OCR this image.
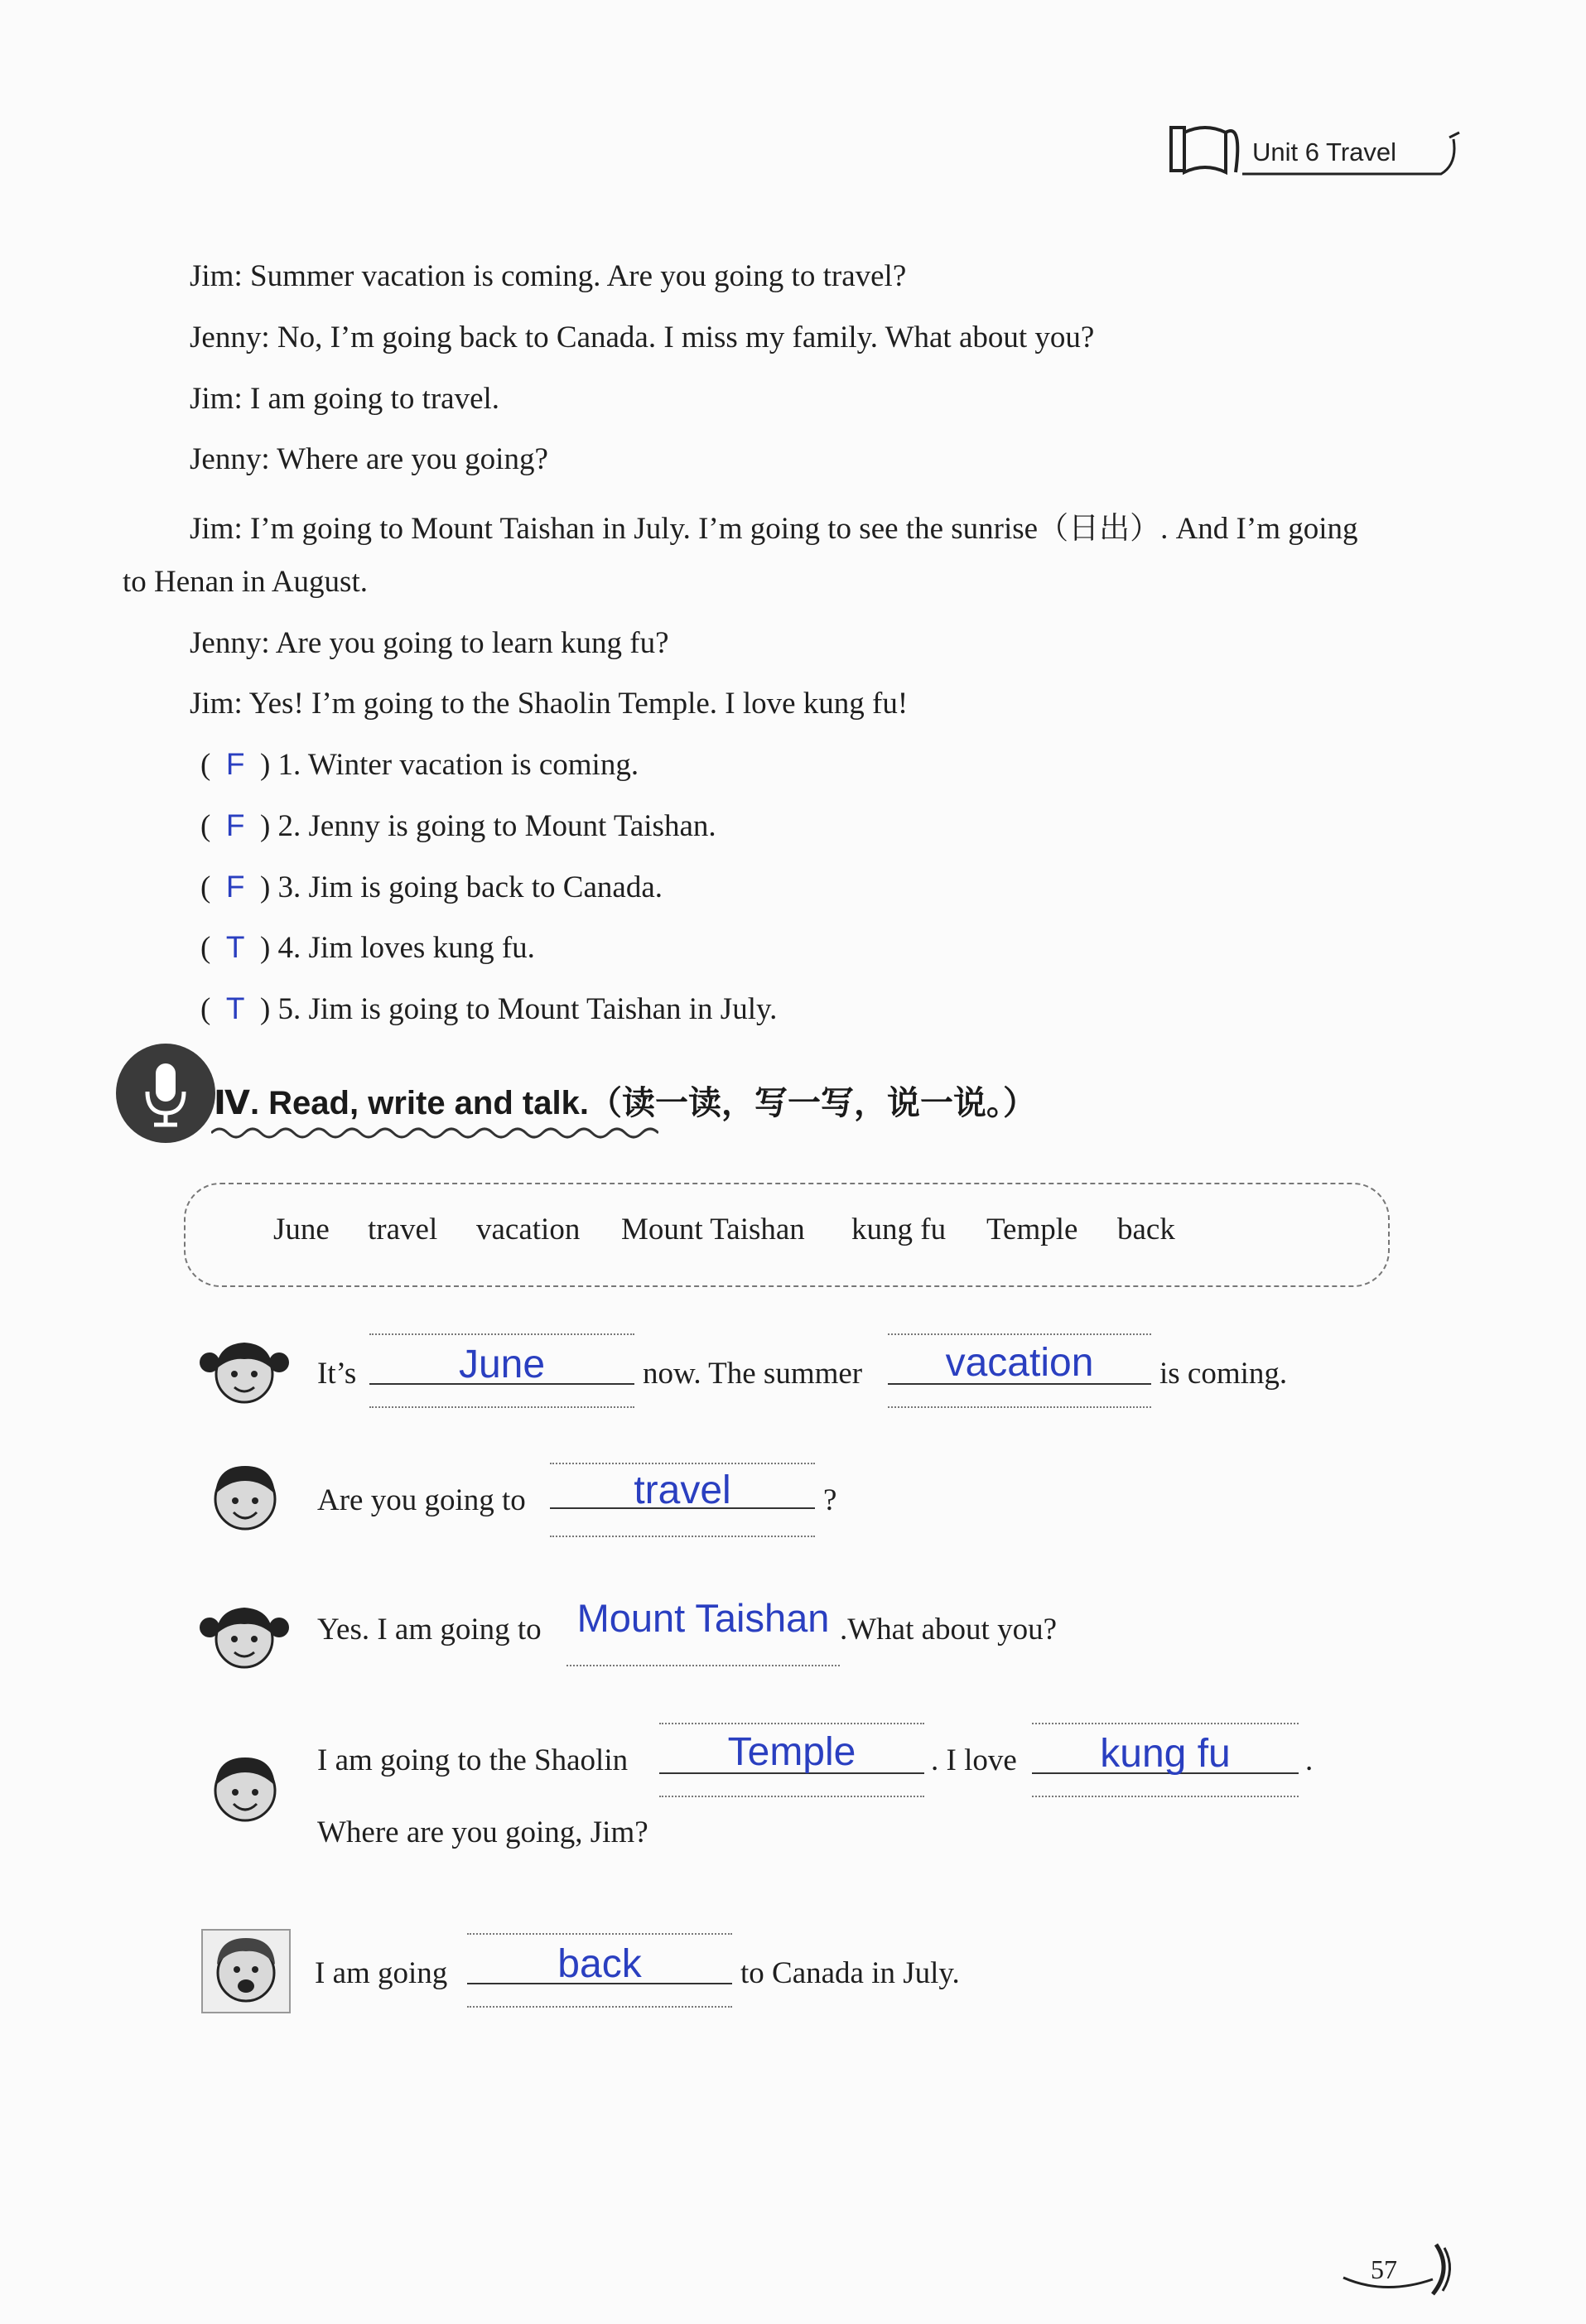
Unit 6 Travel
Jim: Summer vacation is coming. Are you going to travel?
Jenny: No, I’m going back to Canada. I miss my family. What about you?
Jim: I am going to travel.
Jenny: Where are you going?
Jim: I’m going to Mount Taishan in July. I’m going to see the sunrise（日出）. And I’m going
to Henan in August.
Jenny: Are you going to learn kung fu?
Jim: Yes! I’m going to the Shaolin Temple. I love kung fu!
(  F  ) 1. Winter vacation is coming.
(  F  ) 2. Jenny is going to Mount Taishan.
(  F  ) 3. Jim is going back to Canada.
(  T  ) 4. Jim loves kung fu.
(  T  ) 5. Jim is going to Mount Taishan in July.
Ⅳ. Read, write and talk.（读一读，写一写，说一说。）
June travel vacation Mount Taishan kung fu Temple back
It’s	June	now. The summer	vacation	is coming.
Are you going to	travel	?
Yes. I am going to Mount Taishan .What about you?
I am going to the Shaolin	Temple	. I love	kung fu	.
Where are you going, Jim?
I am going	back	to Canada in July.
57
